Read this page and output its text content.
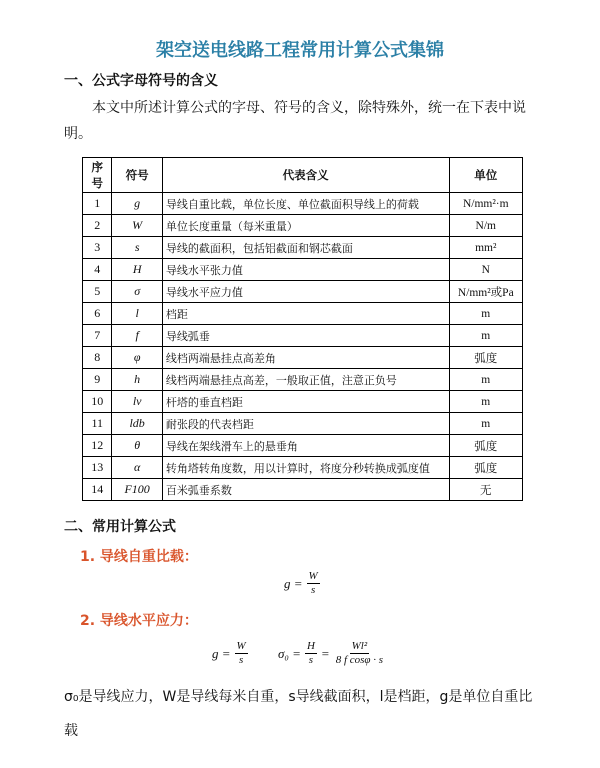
架空送电线路工程常用计算公式集锦
一、公式字母符号的含义
本文中所述计算公式的字母、符号的含义，除特殊外，统一在下表中说明。
序号	符号	代表含义	单位
1	g	导线自重比载，单位长度、单位截面积导线上的荷载	N/mm²·m
2	W	单位长度重量（每米重量）	N/m
3	s	导线的截面积，包括铝截面和钢芯截面	mm²
4	H	导线水平张力值	N
5	σ	导线水平应力值	N/mm²或Pa
6	l	档距	m
7	f	导线弧垂	m
8	φ	线档两端悬挂点高差角	弧度
9	h	线档两端悬挂点高差，一般取正值，注意正负号	m
10	lv	杆塔的垂直档距	m
11	ldb	耐张段的代表档距	m
12	θ	导线在架线滑车上的悬垂角	弧度
13	α	转角塔转角度数，用以计算时，将度分秒转换成弧度值	弧度
14	F100	百米弧垂系数	无
二、常用计算公式
1. 导线自重比载：
$g = \frac{W}{s}$
2. 导线水平应力：
$g = \frac{W}{s} \sigma_0 = \frac{H}{s} = \frac{\text{Wl²}}{\text{8 f cosφ · s}}$
σ₀是导线应力，W是导线每米自重，s导线截面积，l是档距，g是单位自重比载
